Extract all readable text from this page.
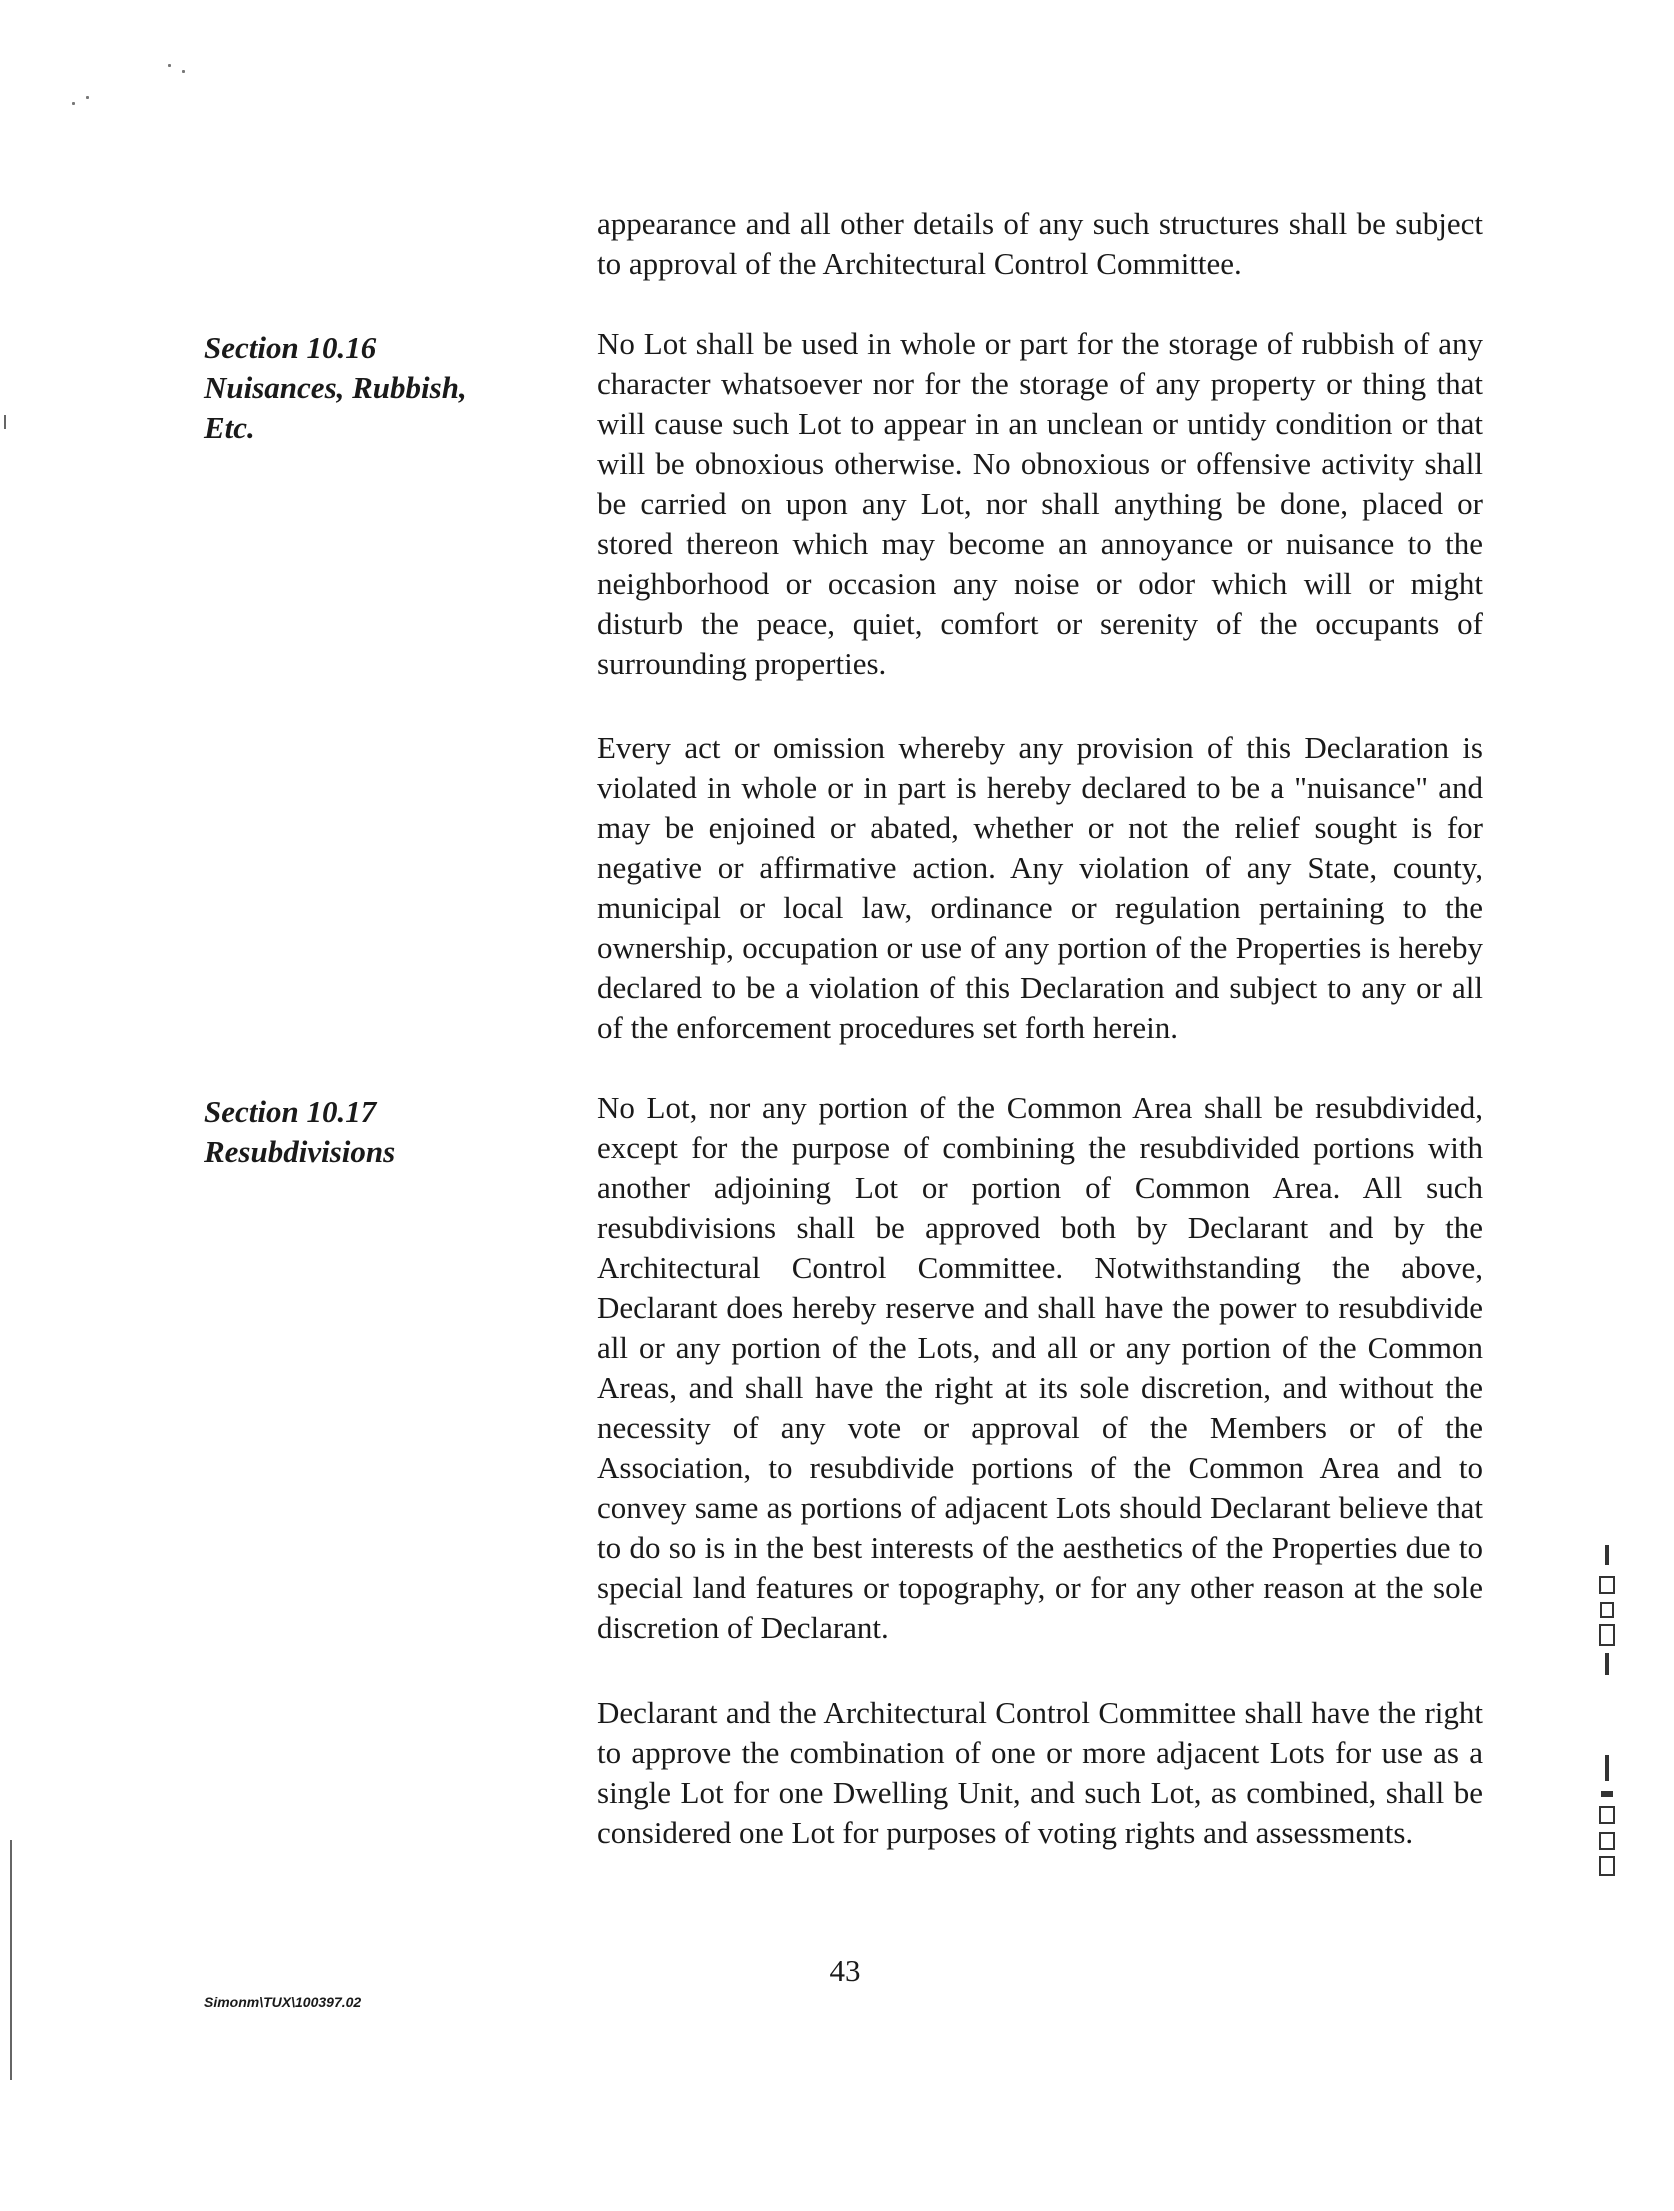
appearance and all other details of any such structures shall be subject to approval of the Architectural Control Committee.

Section 10.16
Nuisances, Rubbish,
Etc.

No Lot shall be used in whole or part for the storage of rubbish of any character whatsoever nor for the storage of any property or thing that will cause such Lot to appear in an unclean or untidy condition or that will be obnoxious otherwise. No obnoxious or offensive activity shall be carried on upon any Lot, nor shall anything be done, placed or stored thereon which may become an annoyance or nuisance to the neighborhood or occasion any noise or odor which will or might disturb the peace, quiet, comfort or serenity of the occupants of surrounding properties.

Every act or omission whereby any provision of this Declaration is violated in whole or in part is hereby declared to be a "nuisance" and may be enjoined or abated, whether or not the relief sought is for negative or affirmative action. Any violation of any State, county, municipal or local law, ordinance or regulation pertaining to the ownership, occupation or use of any portion of the Properties is hereby declared to be a violation of this Declaration and subject to any or all of the enforcement procedures set forth herein.

Section 10.17
Resubdivisions

No Lot, nor any portion of the Common Area shall be resubdivided, except for the purpose of combining the resubdivided portions with another adjoining Lot or portion of Common Area. All such resubdivisions shall be approved both by Declarant and by the Architectural Control Committee. Notwithstanding the above, Declarant does hereby reserve and shall have the power to resubdivide all or any portion of the Lots, and all or any portion of the Common Areas, and shall have the right at its sole discretion, and without the necessity of any vote or approval of the Members or of the Association, to resubdivide portions of the Common Area and to convey same as portions of adjacent Lots should Declarant believe that to do so is in the best interests of the aesthetics of the Properties due to special land features or topography, or for any other reason at the sole discretion of Declarant.

Declarant and the Architectural Control Committee shall have the right to approve the combination of one or more adjacent Lots for use as a single Lot for one Dwelling Unit, and such Lot, as combined, shall be considered one Lot for purposes of voting rights and assessments.

43
Simonm\TUX\100397.02
